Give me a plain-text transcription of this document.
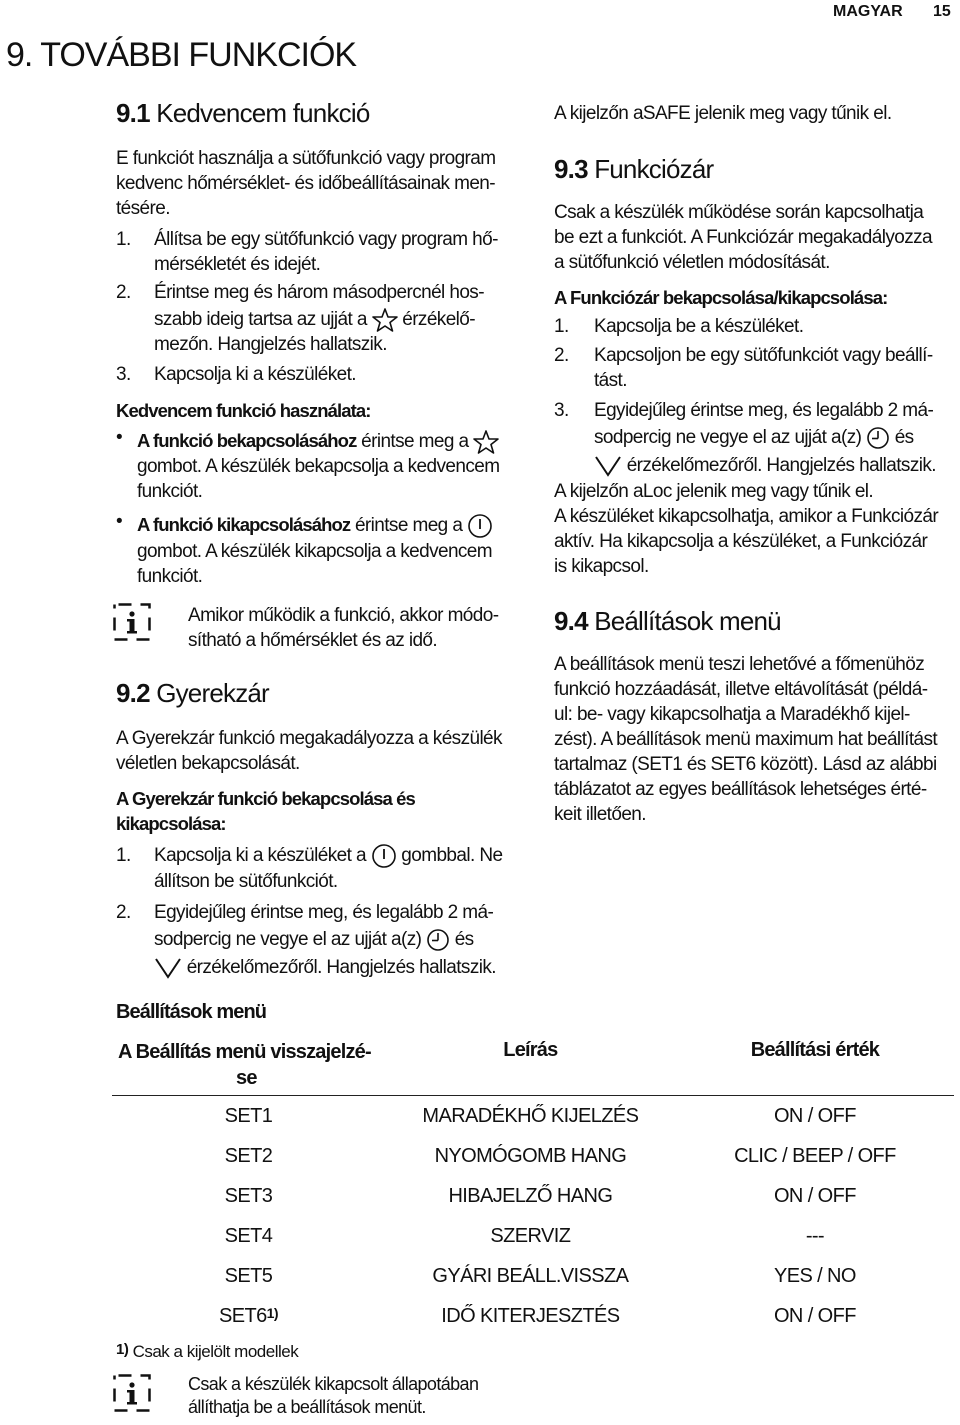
MAGYAR 15
9. TOVÁBBI FUNKCIÓK
9.1 Kedvencem funkció
E funkciót használja a sütőfunkció vagy program
kedvenc hőmérséklet- és időbeállításainak men-
tésére.
1. Állítsa be egy sütőfunkció vagy program hő-
mérsékletét és idejét.
2. Érintse meg és három másodpercnél hos-
szabb ideig tartsa az ujját a érzékelő-
mezőn. Hangjelzés hallatszik.
3. Kapcsolja ki a készüléket.
Kedvencem funkció használata:
• A funkció bekapcsolásához érintse meg a
gombot. A készülék bekapcsolja a kedvencem
funkciót.
• A funkció kikapcsolásához érintse meg a
gombot. A készülék kikapcsolja a kedvencem
funkciót.
Amikor működik a funkció, akkor módo-
sítható a hőmérséklet és az idő.
9.2 Gyerekzár
A Gyerekzár funkció megakadályozza a készülék
véletlen bekapcsolását.
A Gyerekzár funkció bekapcsolása és
kikapcsolása:
1. Kapcsolja ki a készüléket a gombbal. Ne
állítson be sütőfunkciót.
2. Egyidejűleg érintse meg, és legalább 2 má-
sodpercig ne vegye el az ujját a(z) és
érzékelőmezőről. Hangjelzés hallatszik.
A kijelzőn aSAFE jelenik meg vagy tűnik el.
9.3 Funkciózár
Csak a készülék működése során kapcsolhatja
be ezt a funkciót. A Funkciózár megakadályozza
a sütőfunkció véletlen módosítását.
A Funkciózár bekapcsolása/kikapcsolása:
1. Kapcsolja be a készüléket.
2. Kapcsoljon be egy sütőfunkciót vagy beállí-
tást.
3. Egyidejűleg érintse meg, és legalább 2 má-
sodpercig ne vegye el az ujját a(z) és
érzékelőmezőről. Hangjelzés hallatszik.
A kijelzőn aLoc jelenik meg vagy tűnik el.
A készüléket kikapcsolhatja, amikor a Funkciózár
aktív. Ha kikapcsolja a készüléket, a Funkciózár
is kikapcsol.
9.4 Beállítások menü
A beállítások menü teszi lehetővé a főmenühöz
funkció hozzáadását, illetve eltávolítását (példá-
ul: be- vagy kikapcsolhatja a Maradékhő kijel-
zést). A beállítások menü maximum hat beállítást
tartalmaz (SET1 és SET6 között). Lásd az alábbi
táblázatot az egyes beállítások lehetséges érté-
keit illetően.
Beállítások menü
A Beállítás menü visszajelzé-
se	Leírás	Beállítási érték
SET1	MARADÉKHŐ KIJELZÉS	ON / OFF
SET2	NYOMÓGOMB HANG	CLIC / BEEP / OFF
SET3	HIBAJELZŐ HANG	ON / OFF
SET4	SZERVIZ	---
SET5	GYÁRI BEÁLL.VISSZA	YES / NO
SET6$^{1)}$	IDŐ KITERJESZTÉS	ON / OFF
1) Csak a kijelölt modellek
Csak a készülék kikapcsolt állapotában
állíthatja be a beállítások menüt.
